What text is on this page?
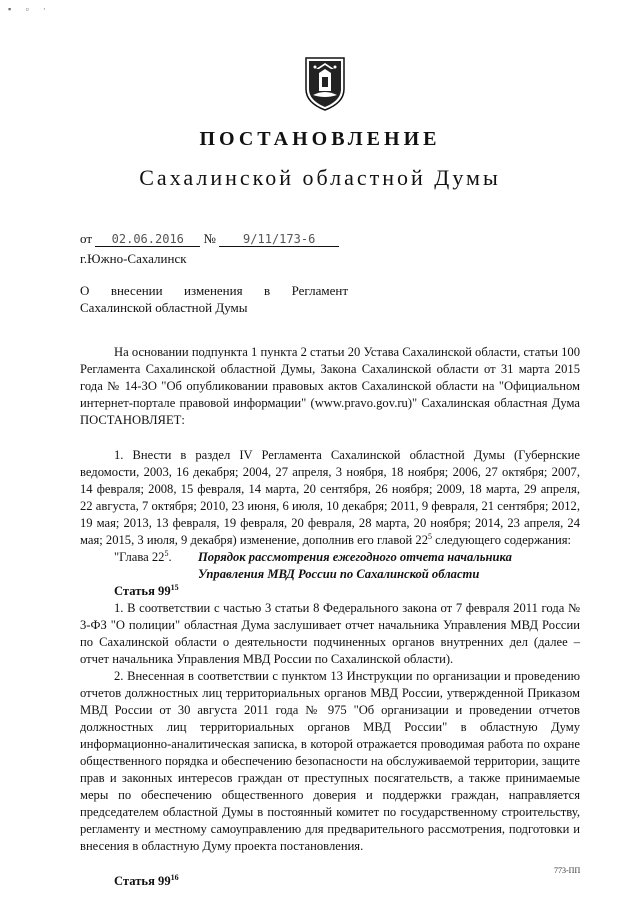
▪ ▫ ·
ПОСТАНОВЛЕНИЕ
Сахалинской областной Думы
от 02.06.2016 № 9/11/173-6
г.Южно-Сахалинск
О внесении изменения в Регламент
Сахалинской областной Думы

На основании подпункта 1 пункта 2 статьи 20 Устава Сахалинской области, статьи 100 Регламента Сахалинской областной Думы, Закона Сахалинской области от 31 марта 2015 года № 14-ЗО "Об опубликовании правовых актов Сахалинской области на "Официальном интернет-портале правовой информации" (www.pravo.gov.ru)" Сахалинская областная Дума ПОСТАНОВЛЯЕТ:

1. Внести в раздел IV Регламента Сахалинской областной Думы (Губернские ведомости, 2003, 16 декабря; 2004, 27 апреля, 3 ноября, 18 ноября; 2006, 27 октября; 2007, 14 февраля; 2008, 15 февраля, 14 марта, 20 сентября, 26 ноября; 2009, 18 марта, 29 апреля, 22 августа, 7 октября; 2010, 23 июня, 6 июля, 10 декабря; 2011, 9 февраля, 21 сентября; 2012, 19 мая; 2013, 13 февраля, 19 февраля, 20 февраля, 28 марта, 20 ноября; 2014, 23 апреля, 24 мая; 2015, 3 июля, 9 декабря) изменение, дополнив его главой $22^5$ следующего содержания:

"Глава $22^5$.	Порядок рассмотрения ежегодного отчета начальника Управления МВД России по Сахалинской области
Статья $99^{15}$

1. В соответствии с частью 3 статьи 8 Федерального закона от 7 февраля 2011 года № 3-ФЗ "О полиции" областная Дума заслушивает отчет начальника Управления МВД России по Сахалинской области о деятельности подчиненных органов внутренних дел (далее – отчет начальника Управления МВД России по Сахалинской области).

2. Внесенная в соответствии с пунктом 13 Инструкции по организации и проведению отчетов должностных лиц территориальных органов МВД России, утвержденной Приказом МВД России от 30 августа 2011 года № 975 "Об организации и проведении отчетов должностных лиц территориальных органов МВД России" в областную Думу информационно-аналитическая записка, в которой отражается проводимая работа по охране общественного порядка и обеспечению безопасности на обслуживаемой территории, защите прав и законных интересов граждан от преступных посягательств, а также принимаемые меры по обеспечению общественного доверия и поддержки граждан, направляется председателем областной Думы в постоянный комитет по государственному строительству, регламенту и местному самоуправлению для предварительного рассмотрения, подготовки и внесения в областную Думу проекта постановления.

Статья $99^{16}$
773-ПП
